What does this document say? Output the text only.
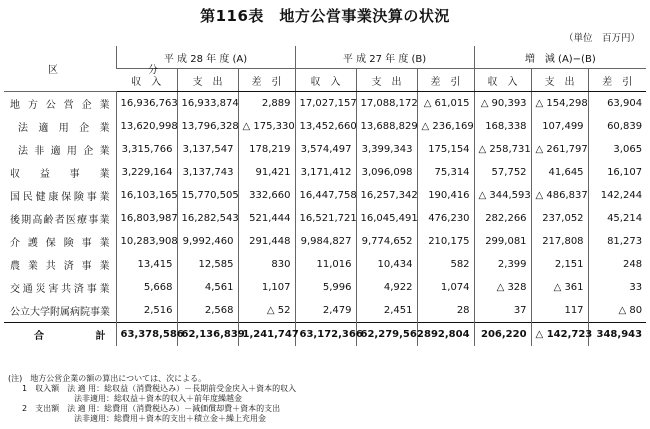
第116表　地方公営事業決算の状況
（単位　百万円）
区　分	平 成 28 年 度 (A)			平 成 27 年 度 (B)			増　減 (A)−(B)		
	収　入	支　出	差　引	収　入	支　出	差　引	収　入	支　出	差　引
地方公営企業	16,936,763	16,933,874	2,889	17,027,157	17,088,172	△ 61,015	△ 90,393	△ 154,298	63,904
法適用企業	13,620,998	13,796,328	△ 175,330	13,452,660	13,688,829	△ 236,169	168,338	107,499	60,839
法非適用企業	3,315,766	3,137,547	178,219	3,574,497	3,399,343	175,154	△ 258,731	△ 261,797	3,065
収益事業	3,229,164	3,137,743	91,421	3,171,412	3,096,098	75,314	57,752	41,645	16,107
国民健康保険事業	16,103,165	15,770,505	332,660	16,447,758	16,257,342	190,416	△ 344,593	△ 486,837	142,244
後期高齢者医療事業	16,803,987	16,282,543	521,444	16,521,721	16,045,491	476,230	282,266	237,052	45,214
介護保険事業	10,283,908	9,992,460	291,448	9,984,827	9,774,652	210,175	299,081	217,808	81,273
農業共済事業	13,415	12,585	830	11,016	10,434	582	2,399	2,151	248
交通災害共済事業	5,668	4,561	1,107	5,996	4,922	1,074	△ 328	△ 361	33
公立大学附属病院事業	2,516	2,568	△ 52	2,479	2,451	28	37	117	△ 80
合計	63,378,586	62,136,839	1,241,747	63,172,366	62,279,562	892,804	206,220	△ 142,723	348,943
(注)　地方公営企業の額の算出については、次による。
1　収入額　法 適 用：総収益（消費税込み）－長期前受金戻入＋資本的収入
法非適用：総収益＋資本的収入＋前年度繰越金
2　支出額　法 適 用：総費用（消費税込み）－減価償却費＋資本的支出
法非適用：総費用＋資本的支出＋積立金＋繰上充用金
